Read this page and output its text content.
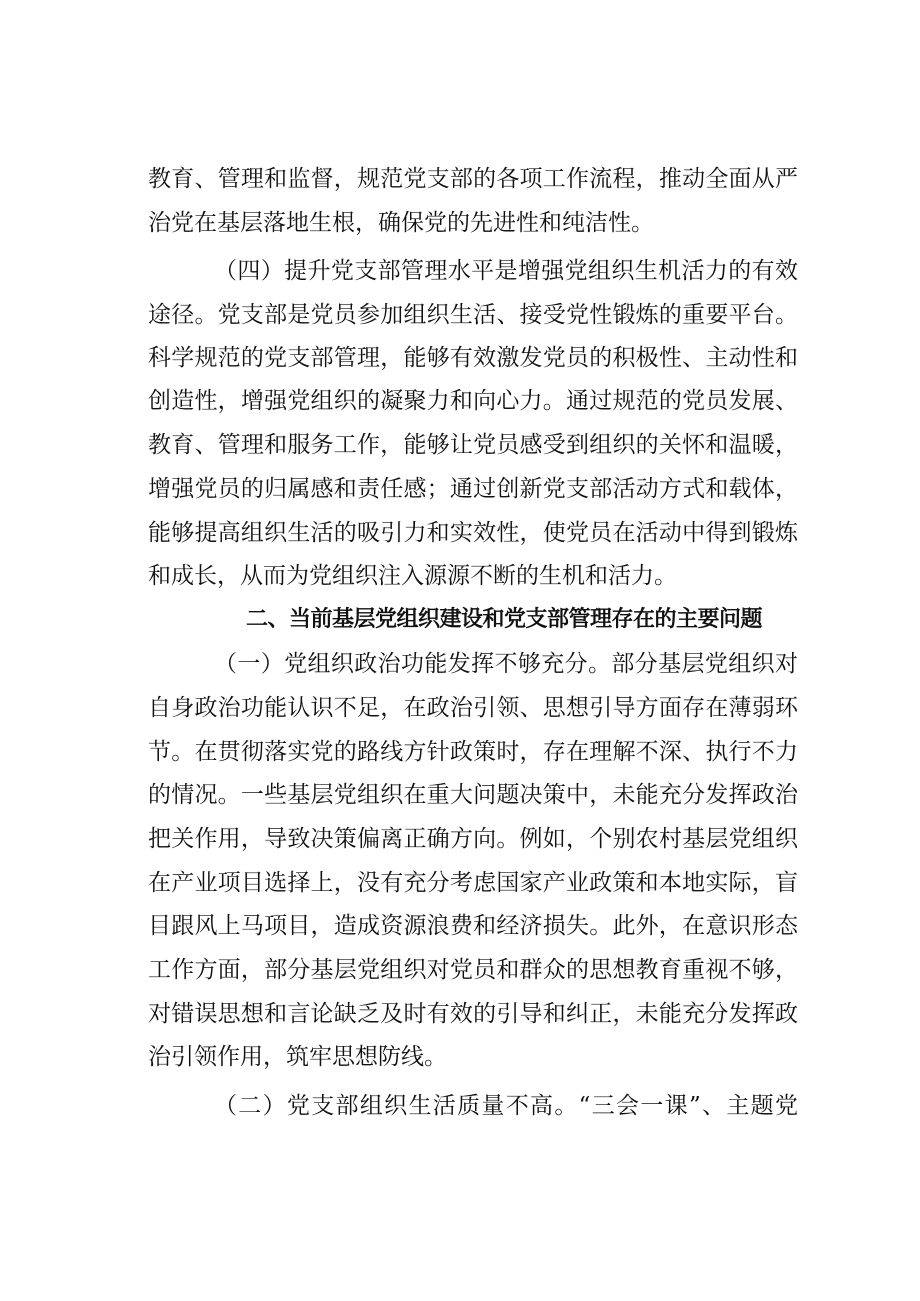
教育、管理和监督，规范党支部的各项工作流程，推动全面从严

治党在基层落地生根，确保党的先进性和纯洁性。

（四）提升党支部管理水平是增强党组织生机活力的有效

途径。党支部是党员参加组织生活、接受党性锻炼的重要平台。

科学规范的党支部管理，能够有效激发党员的积极性、主动性和

创造性，增强党组织的凝聚力和向心力。通过规范的党员发展、

教育、管理和服务工作，能够让党员感受到组织的关怀和温暖，

增强党员的归属感和责任感；通过创新党支部活动方式和载体，

能够提高组织生活的吸引力和实效性，使党员在活动中得到锻炼

和成长，从而为党组织注入源源不断的生机和活力。

二、当前基层党组织建设和党支部管理存在的主要问题

（一）党组织政治功能发挥不够充分。部分基层党组织对

自身政治功能认识不足，在政治引领、思想引导方面存在薄弱环

节。在贯彻落实党的路线方针政策时，存在理解不深、执行不力

的情况。一些基层党组织在重大问题决策中，未能充分发挥政治

把关作用，导致决策偏离正确方向。例如，个别农村基层党组织

在产业项目选择上，没有充分考虑国家产业政策和本地实际，盲

目跟风上马项目，造成资源浪费和经济损失。此外，在意识形态

工作方面，部分基层党组织对党员和群众的思想教育重视不够，

对错误思想和言论缺乏及时有效的引导和纠正，未能充分发挥政

治引领作用，筑牢思想防线。

（二）党支部组织生活质量不高。“三会一课”、主题党
